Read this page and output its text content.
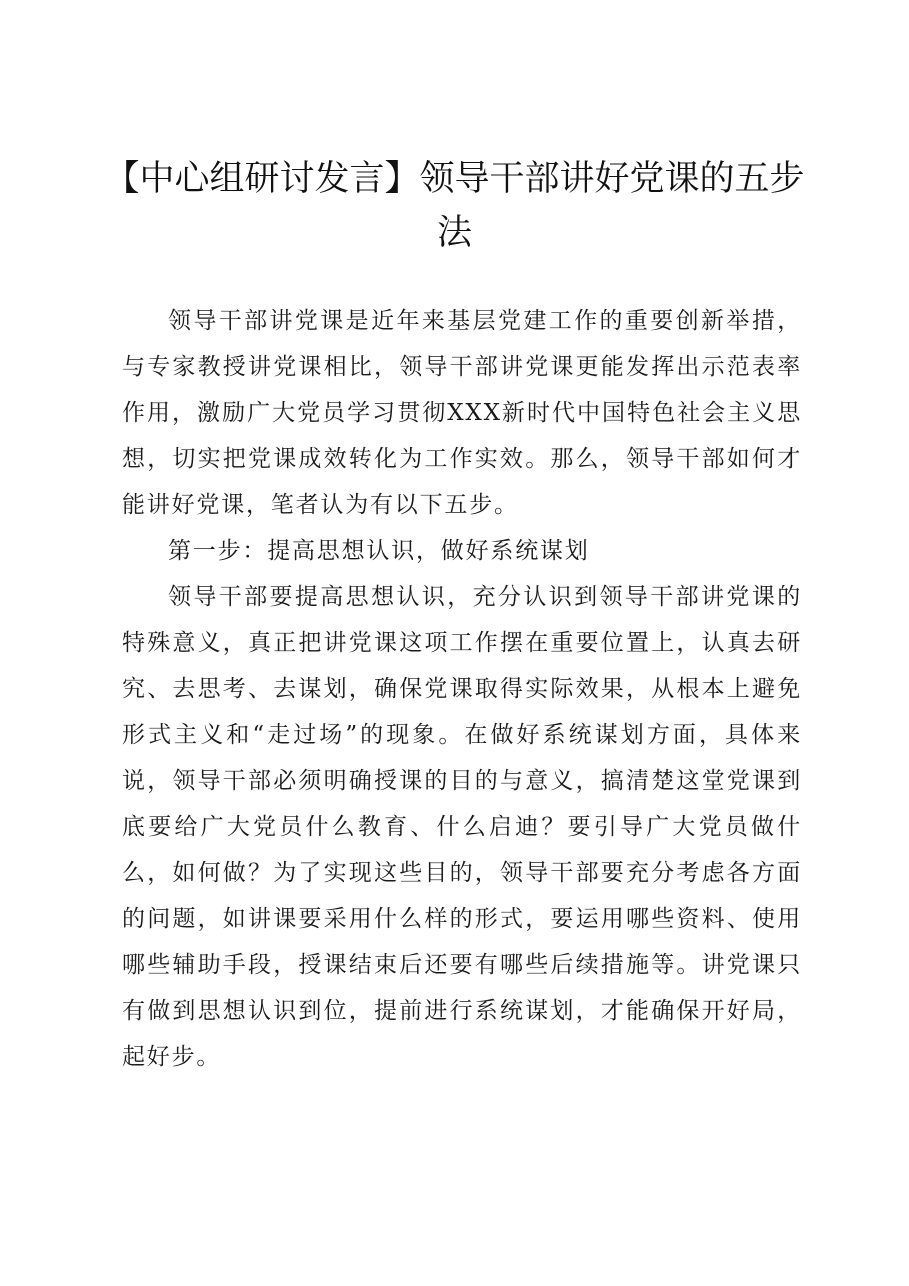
【中心组研讨发言】领导干部讲好党课的五步法

领导干部讲党课是近年来基层党建工作的重要创新举措，与专家教授讲党课相比，领导干部讲党课更能发挥出示范表率作用，激励广大党员学习贯彻XXX新时代中国特色社会主义思想，切实把党课成效转化为工作实效。那么，领导干部如何才能讲好党课，笔者认为有以下五步。

第一步：提高思想认识，做好系统谋划

领导干部要提高思想认识，充分认识到领导干部讲党课的特殊意义，真正把讲党课这项工作摆在重要位置上，认真去研究、去思考、去谋划，确保党课取得实际效果，从根本上避免形式主义和“走过场”的现象。在做好系统谋划方面，具体来说，领导干部必须明确授课的目的与意义，搞清楚这堂党课到底要给广大党员什么教育、什么启迪？要引导广大党员做什么，如何做？为了实现这些目的，领导干部要充分考虑各方面的问题，如讲课要采用什么样的形式，要运用哪些资料、使用哪些辅助手段，授课结束后还要有哪些后续措施等。讲党课只有做到思想认识到位，提前进行系统谋划，才能确保开好局，起好步。
